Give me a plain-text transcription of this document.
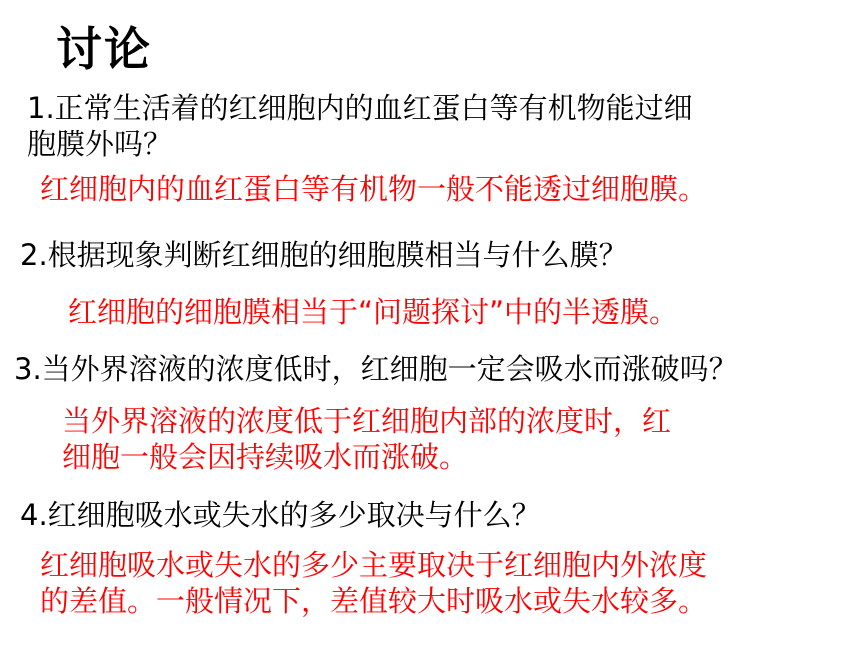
讨论
1.正常生活着的红细胞内的血红蛋白等有机物能过细
胞膜外吗？
红细胞内的血红蛋白等有机物一般不能透过细胞膜。
2.根据现象判断红细胞的细胞膜相当与什么膜？
红细胞的细胞膜相当于“问题探讨”中的半透膜。
3.当外界溶液的浓度低时，红细胞一定会吸水而涨破吗？
当外界溶液的浓度低于红细胞内部的浓度时，红
细胞一般会因持续吸水而涨破。
4.红细胞吸水或失水的多少取决与什么？
红细胞吸水或失水的多少主要取决于红细胞内外浓度
的差值。一般情况下，差值较大时吸水或失水较多。
